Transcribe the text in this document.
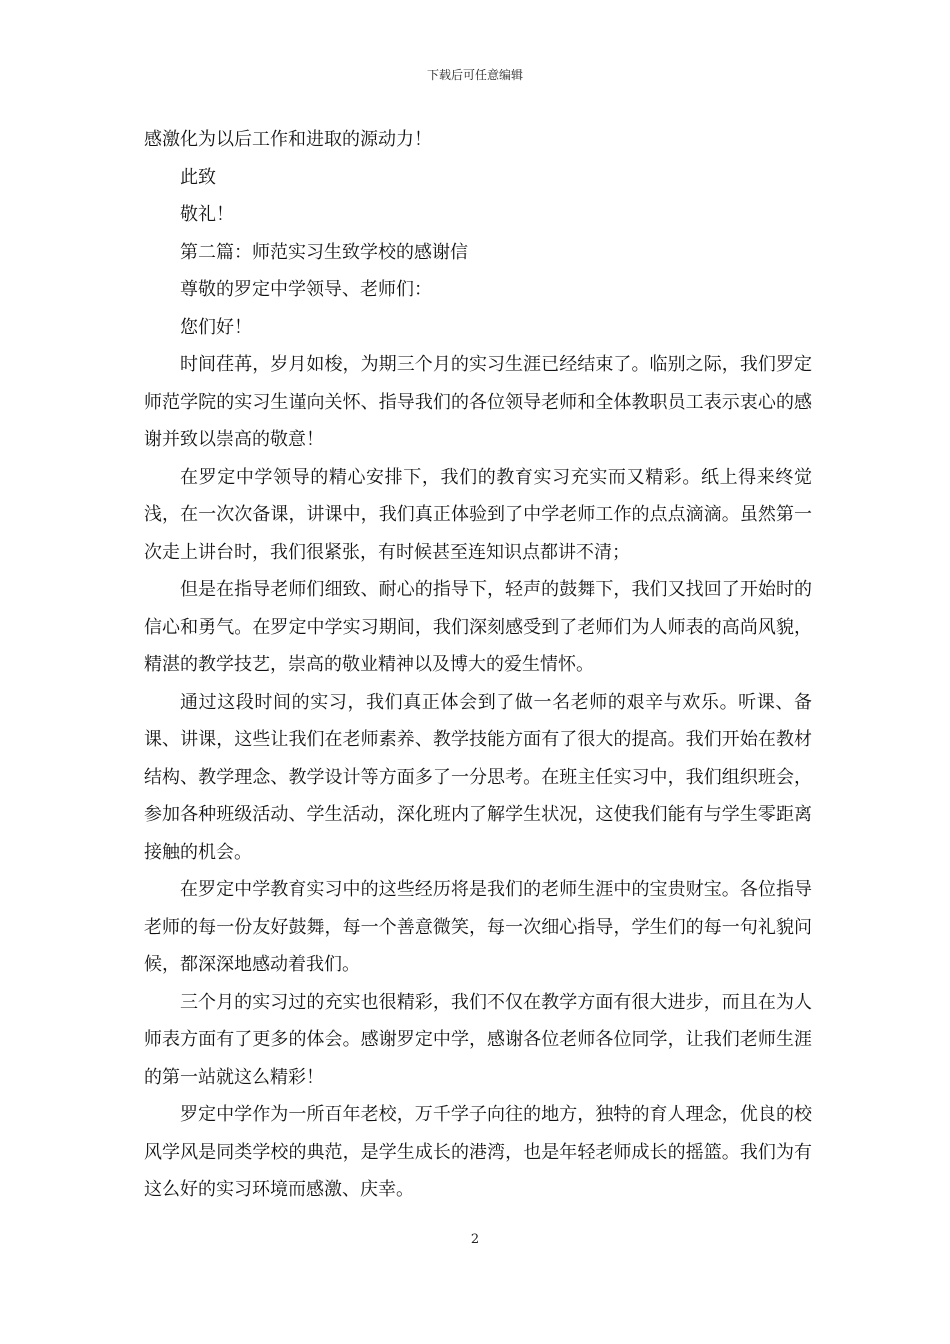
下载后可任意编辑

感激化为以后工作和进取的源动力！

此致

敬礼！

第二篇：师范实习生致学校的感谢信

尊敬的罗定中学领导、老师们：

您们好！

时间荏苒，岁月如梭，为期三个月的实习生涯已经结束了。临别之际，我们罗定师范学院的实习生谨向关怀、指导我们的各位领导老师和全体教职员工表示衷心的感谢并致以崇高的敬意！

在罗定中学领导的精心安排下，我们的教育实习充实而又精彩。纸上得来终觉浅，在一次次备课，讲课中，我们真正体验到了中学老师工作的点点滴滴。虽然第一次走上讲台时，我们很紧张，有时候甚至连知识点都讲不清；

但是在指导老师们细致、耐心的指导下，轻声的鼓舞下，我们又找回了开始时的信心和勇气。在罗定中学实习期间，我们深刻感受到了老师们为人师表的高尚风貌，精湛的教学技艺，崇高的敬业精神以及博大的爱生情怀。

通过这段时间的实习，我们真正体会到了做一名老师的艰辛与欢乐。听课、备课、讲课，这些让我们在老师素养、教学技能方面有了很大的提高。我们开始在教材结构、教学理念、教学设计等方面多了一分思考。在班主任实习中，我们组织班会，参加各种班级活动、学生活动，深化班内了解学生状况，这使我们能有与学生零距离接触的机会。

在罗定中学教育实习中的这些经历将是我们的老师生涯中的宝贵财宝。各位指导老师的每一份友好鼓舞，每一个善意微笑，每一次细心指导，学生们的每一句礼貌问候，都深深地感动着我们。

三个月的实习过的充实也很精彩，我们不仅在教学方面有很大进步，而且在为人师表方面有了更多的体会。感谢罗定中学，感谢各位老师各位同学，让我们老师生涯的第一站就这么精彩！

罗定中学作为一所百年老校，万千学子向往的地方，独特的育人理念，优良的校风学风是同类学校的典范，是学生成长的港湾，也是年轻老师成长的摇篮。我们为有这么好的实习环境而感激、庆幸。

2
